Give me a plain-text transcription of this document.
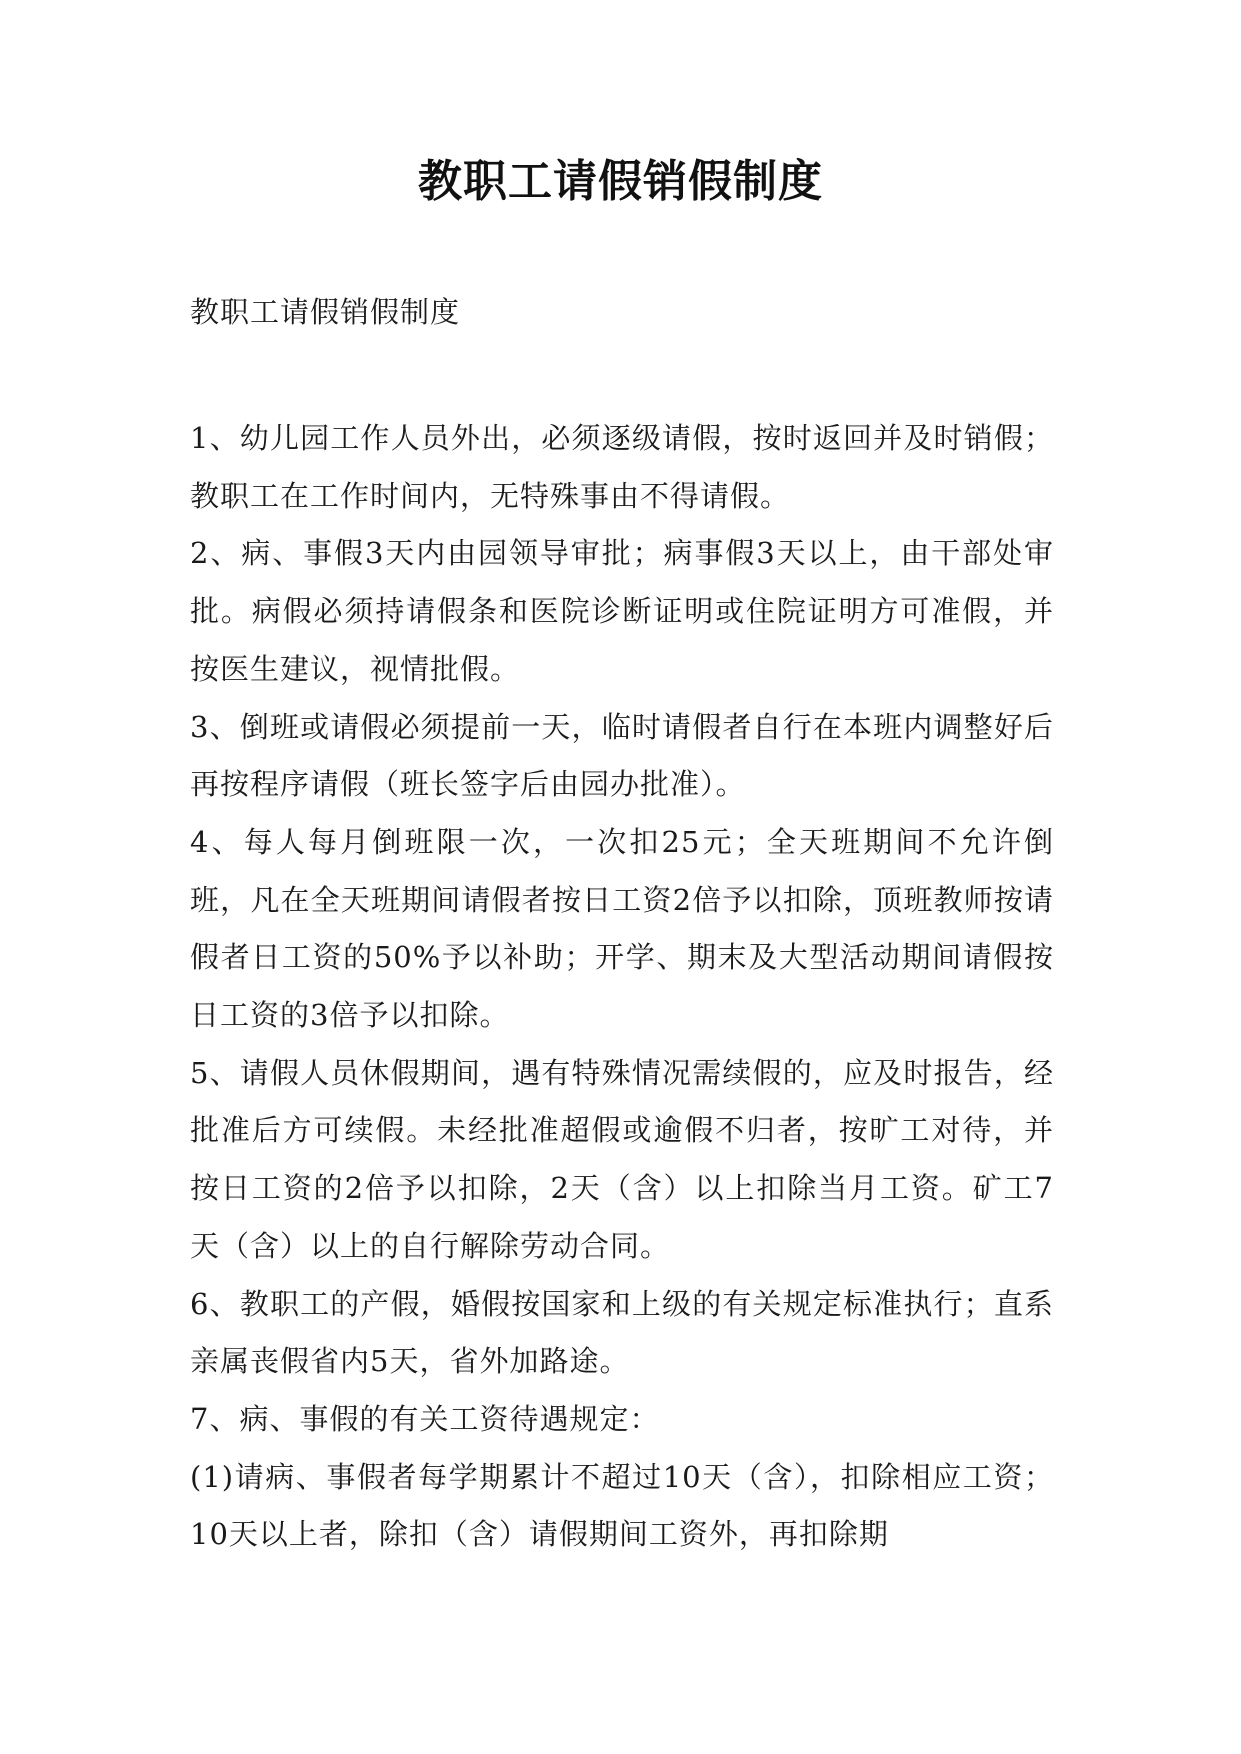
教职工请假销假制度
教职工请假销假制度

1、幼儿园工作人员外出，必须逐级请假，按时返回并及时销假；教职工在工作时间内，无特殊事由不得请假。

2、病、事假3天内由园领导审批；病事假3天以上，由干部处审批。病假必须持请假条和医院诊断证明或住院证明方可准假，并按医生建议，视情批假。

3、倒班或请假必须提前一天，临时请假者自行在本班内调整好后再按程序请假（班长签字后由园办批准）。

4、每人每月倒班限一次，一次扣25元；全天班期间不允许倒班，凡在全天班期间请假者按日工资2倍予以扣除，顶班教师按请假者日工资的50%予以补助；开学、期末及大型活动期间请假按日工资的3倍予以扣除。

5、请假人员休假期间，遇有特殊情况需续假的，应及时报告，经批准后方可续假。未经批准超假或逾假不归者，按旷工对待，并按日工资的2倍予以扣除，2天（含）以上扣除当月工资。矿工7天（含）以上的自行解除劳动合同。

6、教职工的产假，婚假按国家和上级的有关规定标准执行；直系亲属丧假省内5天，省外加路途。

7、病、事假的有关工资待遇规定：

(1)请病、事假者每学期累计不超过10天（含），扣除相应工资；10天以上者，除扣（含）请假期间工资外，再扣除期
